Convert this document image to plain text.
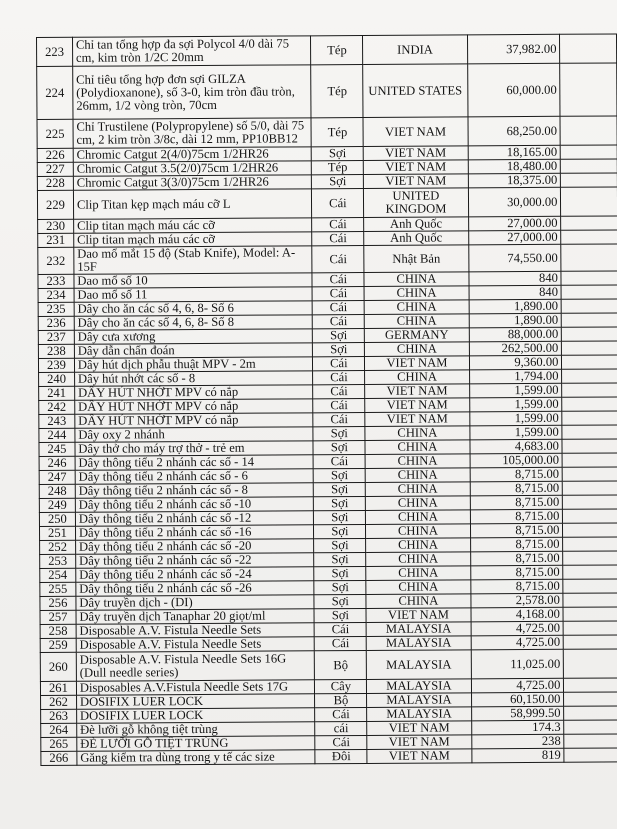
223	Chỉ tan tổng hợp đa sợi Polycol 4/0 dài 75 cm, kim tròn 1/2C 20mm	Tép	INDIA	37,982.00	
224	Chỉ tiêu tổng hợp đơn sợi GILZA (Polydioxanone), số 3-0, kim tròn đầu tròn, 26mm, 1/2 vòng tròn, 70cm	Tép	UNITED STATES	60,000.00	
225	Chỉ Trustilene (Polypropylene) số 5/0, dài 75 cm, 2 kim tròn 3/8c, dài 12 mm, PP10BB12	Tép	VIET NAM	68,250.00	
226	Chromic Catgut 2(4/0)75cm 1/2HR26	Sợi	VIET NAM	18,165.00	
227	Chromic Catgut 3.5(2/0)75cm 1/2HR26	Tép	VIET NAM	18,480.00	
228	Chromic Catgut 3(3/0)75cm 1/2HR26	Sợi	VIET NAM	18,375.00	
229	Clip Titan kẹp mạch máu cỡ L	Cái	UNITED KINGDOM	30,000.00	
230	Clip titan mạch máu các cỡ	Cái	Anh Quốc	27,000.00	
231	Clip titan mạch máu các cỡ	Cái	Anh Quốc	27,000.00	
232	Dao mổ mắt 15 độ (Stab Knife), Model: A-15F	Cái	Nhật Bản	74,550.00	
233	Dao mổ số 10	Cái	CHINA	840	
234	Dao mổ số 11	Cái	CHINA	840	
235	Dây cho ăn các số 4, 6, 8- Số 6	Cái	CHINA	1,890.00	
236	Dây cho ăn các số 4, 6, 8- Số 8	Cái	CHINA	1,890.00	
237	Dây cưa xương	Sợi	GERMANY	88,000.00	
238	Dây dẫn chẩn đoán	Sợi	CHINA	262,500.00	
239	Dây hút dịch phẫu thuật MPV - 2m	Cái	VIET NAM	9,360.00	
240	Dây hút nhớt các số - 8	Cái	CHINA	1,794.00	
241	DÂY HÚT NHỚT MPV có nắp	Cái	VIET NAM	1,599.00	
242	DÂY HÚT NHỚT MPV có nắp	Cái	VIET NAM	1,599.00	
243	DÂY HÚT NHỚT MPV có nắp	Cái	VIET NAM	1,599.00	
244	Dây oxy 2 nhánh	Sợi	CHINA	1,599.00	
245	Dây thở cho máy trợ thở - trẻ em	Sợi	CHINA	4,683.00	
246	Dây thông tiểu 2 nhánh các số - 14	Cái	CHINA	105,000.00	
247	Dây thông tiểu 2 nhánh các số - 6	Sợi	CHINA	8,715.00	
248	Dây thông tiểu 2 nhánh các số - 8	Sợi	CHINA	8,715.00	
249	Dây thông tiểu 2 nhánh các số -10	Sợi	CHINA	8,715.00	
250	Dây thông tiểu 2 nhánh các số -12	Sợi	CHINA	8,715.00	
251	Dây thông tiểu 2 nhánh các số -16	Sợi	CHINA	8,715.00	
252	Dây thông tiểu 2 nhánh các số -20	Sợi	CHINA	8,715.00	
253	Dây thông tiểu 2 nhánh các số -22	Sợi	CHINA	8,715.00	
254	Dây thông tiểu 2 nhánh các số -24	Sợi	CHINA	8,715.00	
255	Dây thông tiểu 2 nhánh các số -26	Sợi	CHINA	8,715.00	
256	Dây truyền dịch - (DI)	Sợi	CHINA	2,578.00	
257	Dây truyền dịch Tanaphar 20 giọt/ml	Sợi	VIET NAM	4,168.00	
258	Disposable A.V. Fistula Needle Sets	Cái	MALAYSIA	4,725.00	
259	Disposable A.V. Fistula Needle Sets	Cái	MALAYSIA	4,725.00	
260	Disposable A.V. Fistula Needle Sets 16G (Dull needle series)	Bộ	MALAYSIA	11,025.00	
261	Disposables A.V.Fistula Needle Sets 17G	Cây	MALAYSIA	4,725.00	
262	DOSIFIX LUER LOCK	Bộ	MALAYSIA	60,150.00	
263	DOSIFIX LUER LOCK	Cái	MALAYSIA	58,999.50	
264	Đè lưỡi gỗ không tiệt trùng	cái	VIET NAM	174.3	
265	ĐÈ LƯỠI GỖ TIỆT TRÙNG	Cái	VIET NAM	238	
266	Găng kiểm tra dùng trong y tế các size	Đôi	VIET NAM	819	
